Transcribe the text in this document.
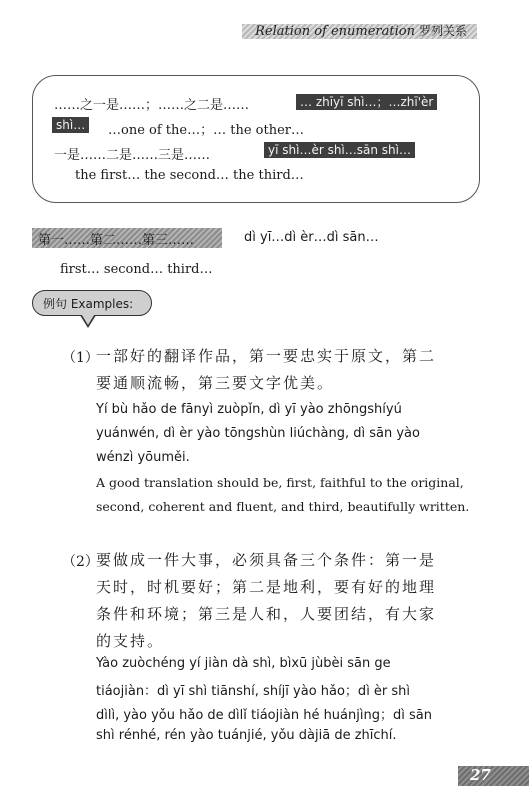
Relation of enumeration 罗列关系
……之一是……；……之二是……	… zhīyī shì…；…zhī'èr
shì…	…one of the…；… the other…
一是……二是……三是……	yī shì…èr shì…sān shì…
the first… the second… the third…
第一……第二……第三……	dì yī…dì èr…dì sān…
first… second… third…
例句 Examples:
（1）
一部好的翻译作品，第一要忠实于原文，第二
要通顺流畅，第三要文字优美。
Yí bù hǎo de fānyì zuòpǐn, dì yī yào zhōngshíyú
yuánwén, dì èr yào tōngshùn liúchàng, dì sān yào
wénzì yōuměi.
A good translation should be, first, faithful to the original,
second, coherent and fluent, and third, beautifully written.
（2）
要做成一件大事，必须具备三个条件：第一是
天时，时机要好；第二是地利，要有好的地理
条件和环境；第三是人和，人要团结，有大家
的支持。
Yào zuòchéng yí jiàn dà shì, bìxū jùbèi sān ge
tiáojiàn：dì yī shì tiānshí, shíjī yào hǎo；dì èr shì
dìlì, yào yǒu hǎo de dìlǐ tiáojiàn hé huánjìng；dì sān
shì rénhé, rén yào tuánjié, yǒu dàjiā de zhīchí.
27
